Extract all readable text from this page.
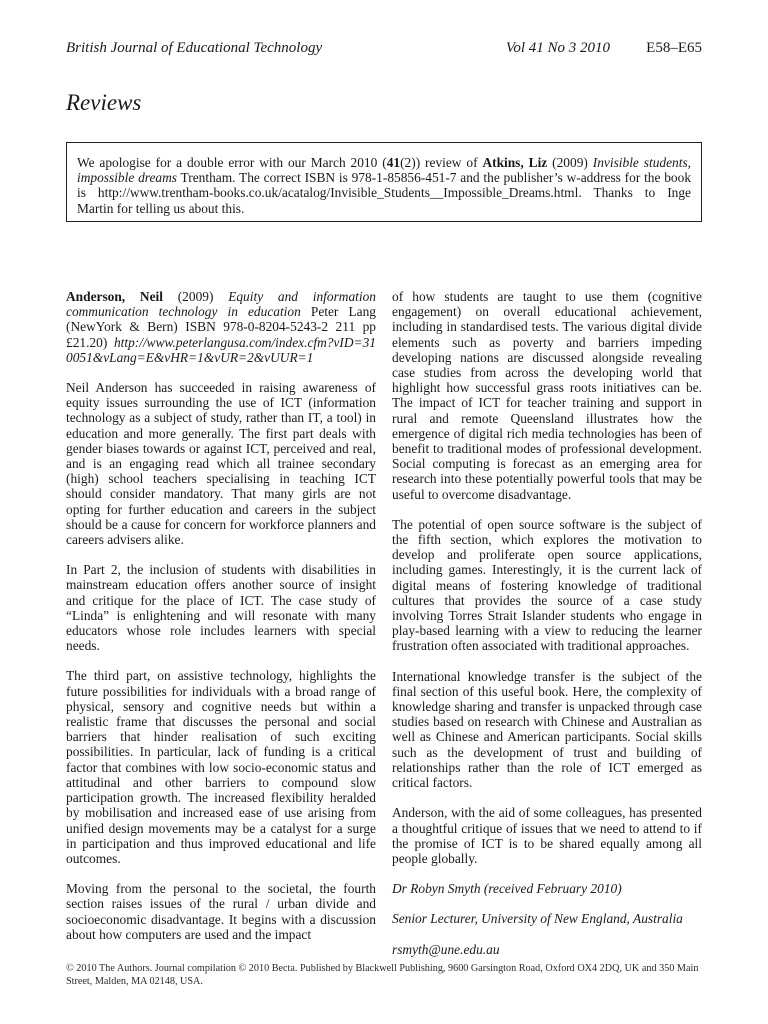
British Journal of Educational Technology	Vol 41 No 3 2010 E58–E65
Reviews
We apologise for a double error with our March 2010 (41(2)) review of Atkins, Liz (2009) Invisible students, impossible dreams Trentham. The correct ISBN is 978-1-85856-451-7 and the publisher’s w-address for the book is http://www.trentham-books.co.uk/acatalog/Invisible_Students__Impossible_Dreams.html. Thanks to Inge Martin for telling us about this.

Anderson, Neil (2009) Equity and information communication technology in education Peter Lang (NewYork & Bern) ISBN 978-0-8204-5243-2 211 pp £21.20) http://www.peterlangusa.com/index.cfm?vID=310051&vLang=E&vHR=1&vUR=2&vUUR=1

Neil Anderson has succeeded in raising awareness of equity issues surrounding the use of ICT (information technology as a subject of study, rather than IT, a tool) in education and more generally. The first part deals with gender biases towards or against ICT, perceived and real, and is an engaging read which all trainee secondary (high) school teachers specialising in teaching ICT should consider mandatory. That many girls are not opting for further education and careers in the subject should be a cause for concern for workforce planners and careers advisers alike.

In Part 2, the inclusion of students with disabilities in mainstream education offers another source of insight and critique for the place of ICT. The case study of “Linda” is enlightening and will resonate with many educators whose role includes learners with special needs.

The third part, on assistive technology, highlights the future possibilities for individuals with a broad range of physical, sensory and cognitive needs but within a realistic frame that discusses the personal and social barriers that hinder realisation of such exciting possibilities. In particular, lack of funding is a critical factor that combines with low socio-economic status and attitudinal and other barriers to compound slow participation growth. The increased flexibility heralded by mobilisation and increased ease of use arising from unified design movements may be a catalyst for a surge in participation and thus improved educational and life outcomes.

Moving from the personal to the societal, the fourth section raises issues of the rural / urban divide and socioeconomic disadvantage. It begins with a discussion about how computers are used and the impact

of how students are taught to use them (cognitive engagement) on overall educational achievement, including in standardised tests. The various digital divide elements such as poverty and barriers impeding developing nations are discussed alongside revealing case studies from across the developing world that highlight how successful grass roots initiatives can be. The impact of ICT for teacher training and support in rural and remote Queensland illustrates how the emergence of digital rich media technologies has been of benefit to traditional modes of professional development. Social computing is forecast as an emerging area for research into these potentially powerful tools that may be useful to overcome disadvantage.

The potential of open source software is the subject of the fifth section, which explores the motivation to develop and proliferate open source applications, including games. Interestingly, it is the current lack of digital means of fostering knowledge of traditional cultures that provides the source of a case study involving Torres Strait Islander students who engage in play-based learning with a view to reducing the learner frustration often associated with traditional approaches.

International knowledge transfer is the subject of the final section of this useful book. Here, the complexity of knowledge sharing and transfer is unpacked through case studies based on research with Chinese and Australian as well as Chinese and American participants. Social skills such as the development of trust and building of relationships rather than the role of ICT emerged as critical factors.

Anderson, with the aid of some colleagues, has presented a thoughtful critique of issues that we need to attend to if the promise of ICT is to be shared equally among all people globally.

Dr Robyn Smyth (received February 2010)

Senior Lecturer, University of New England, Australia

rsmyth@une.edu.au

© 2010 The Authors. Journal compilation © 2010 Becta. Published by Blackwell Publishing, 9600 Garsington Road, Oxford OX4 2DQ, UK and 350 Main Street, Malden, MA 02148, USA.
